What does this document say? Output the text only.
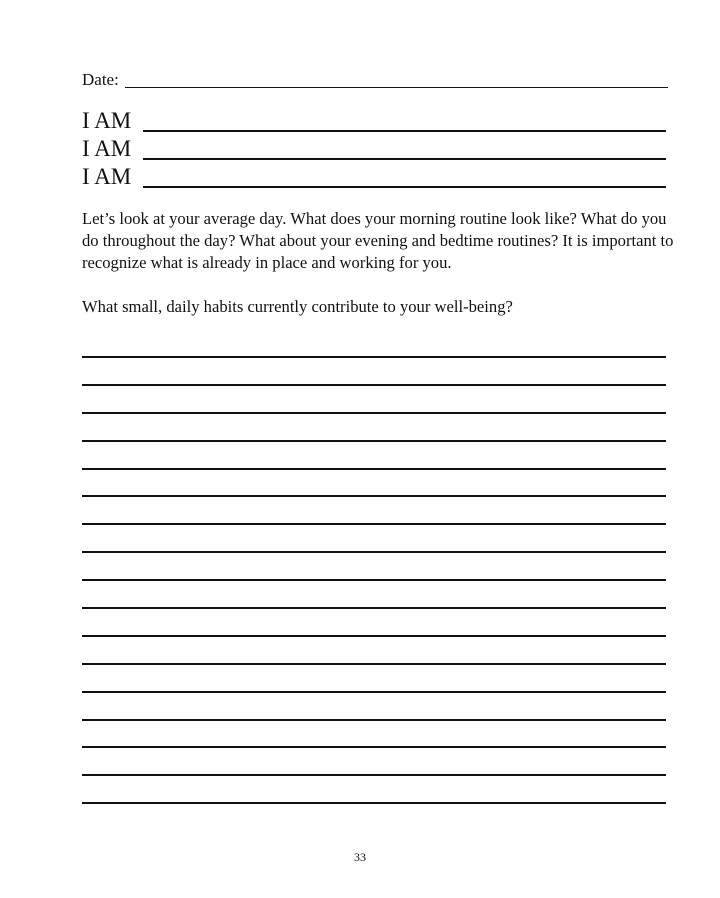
Date:
I AM
I AM
I AM

Let’s look at your average day. What does your morning routine look like? What do you do throughout the day? What about your evening and bedtime routines? It is important to recognize what is already in place and working for you.

What small, daily habits currently contribute to your well-being?

33
